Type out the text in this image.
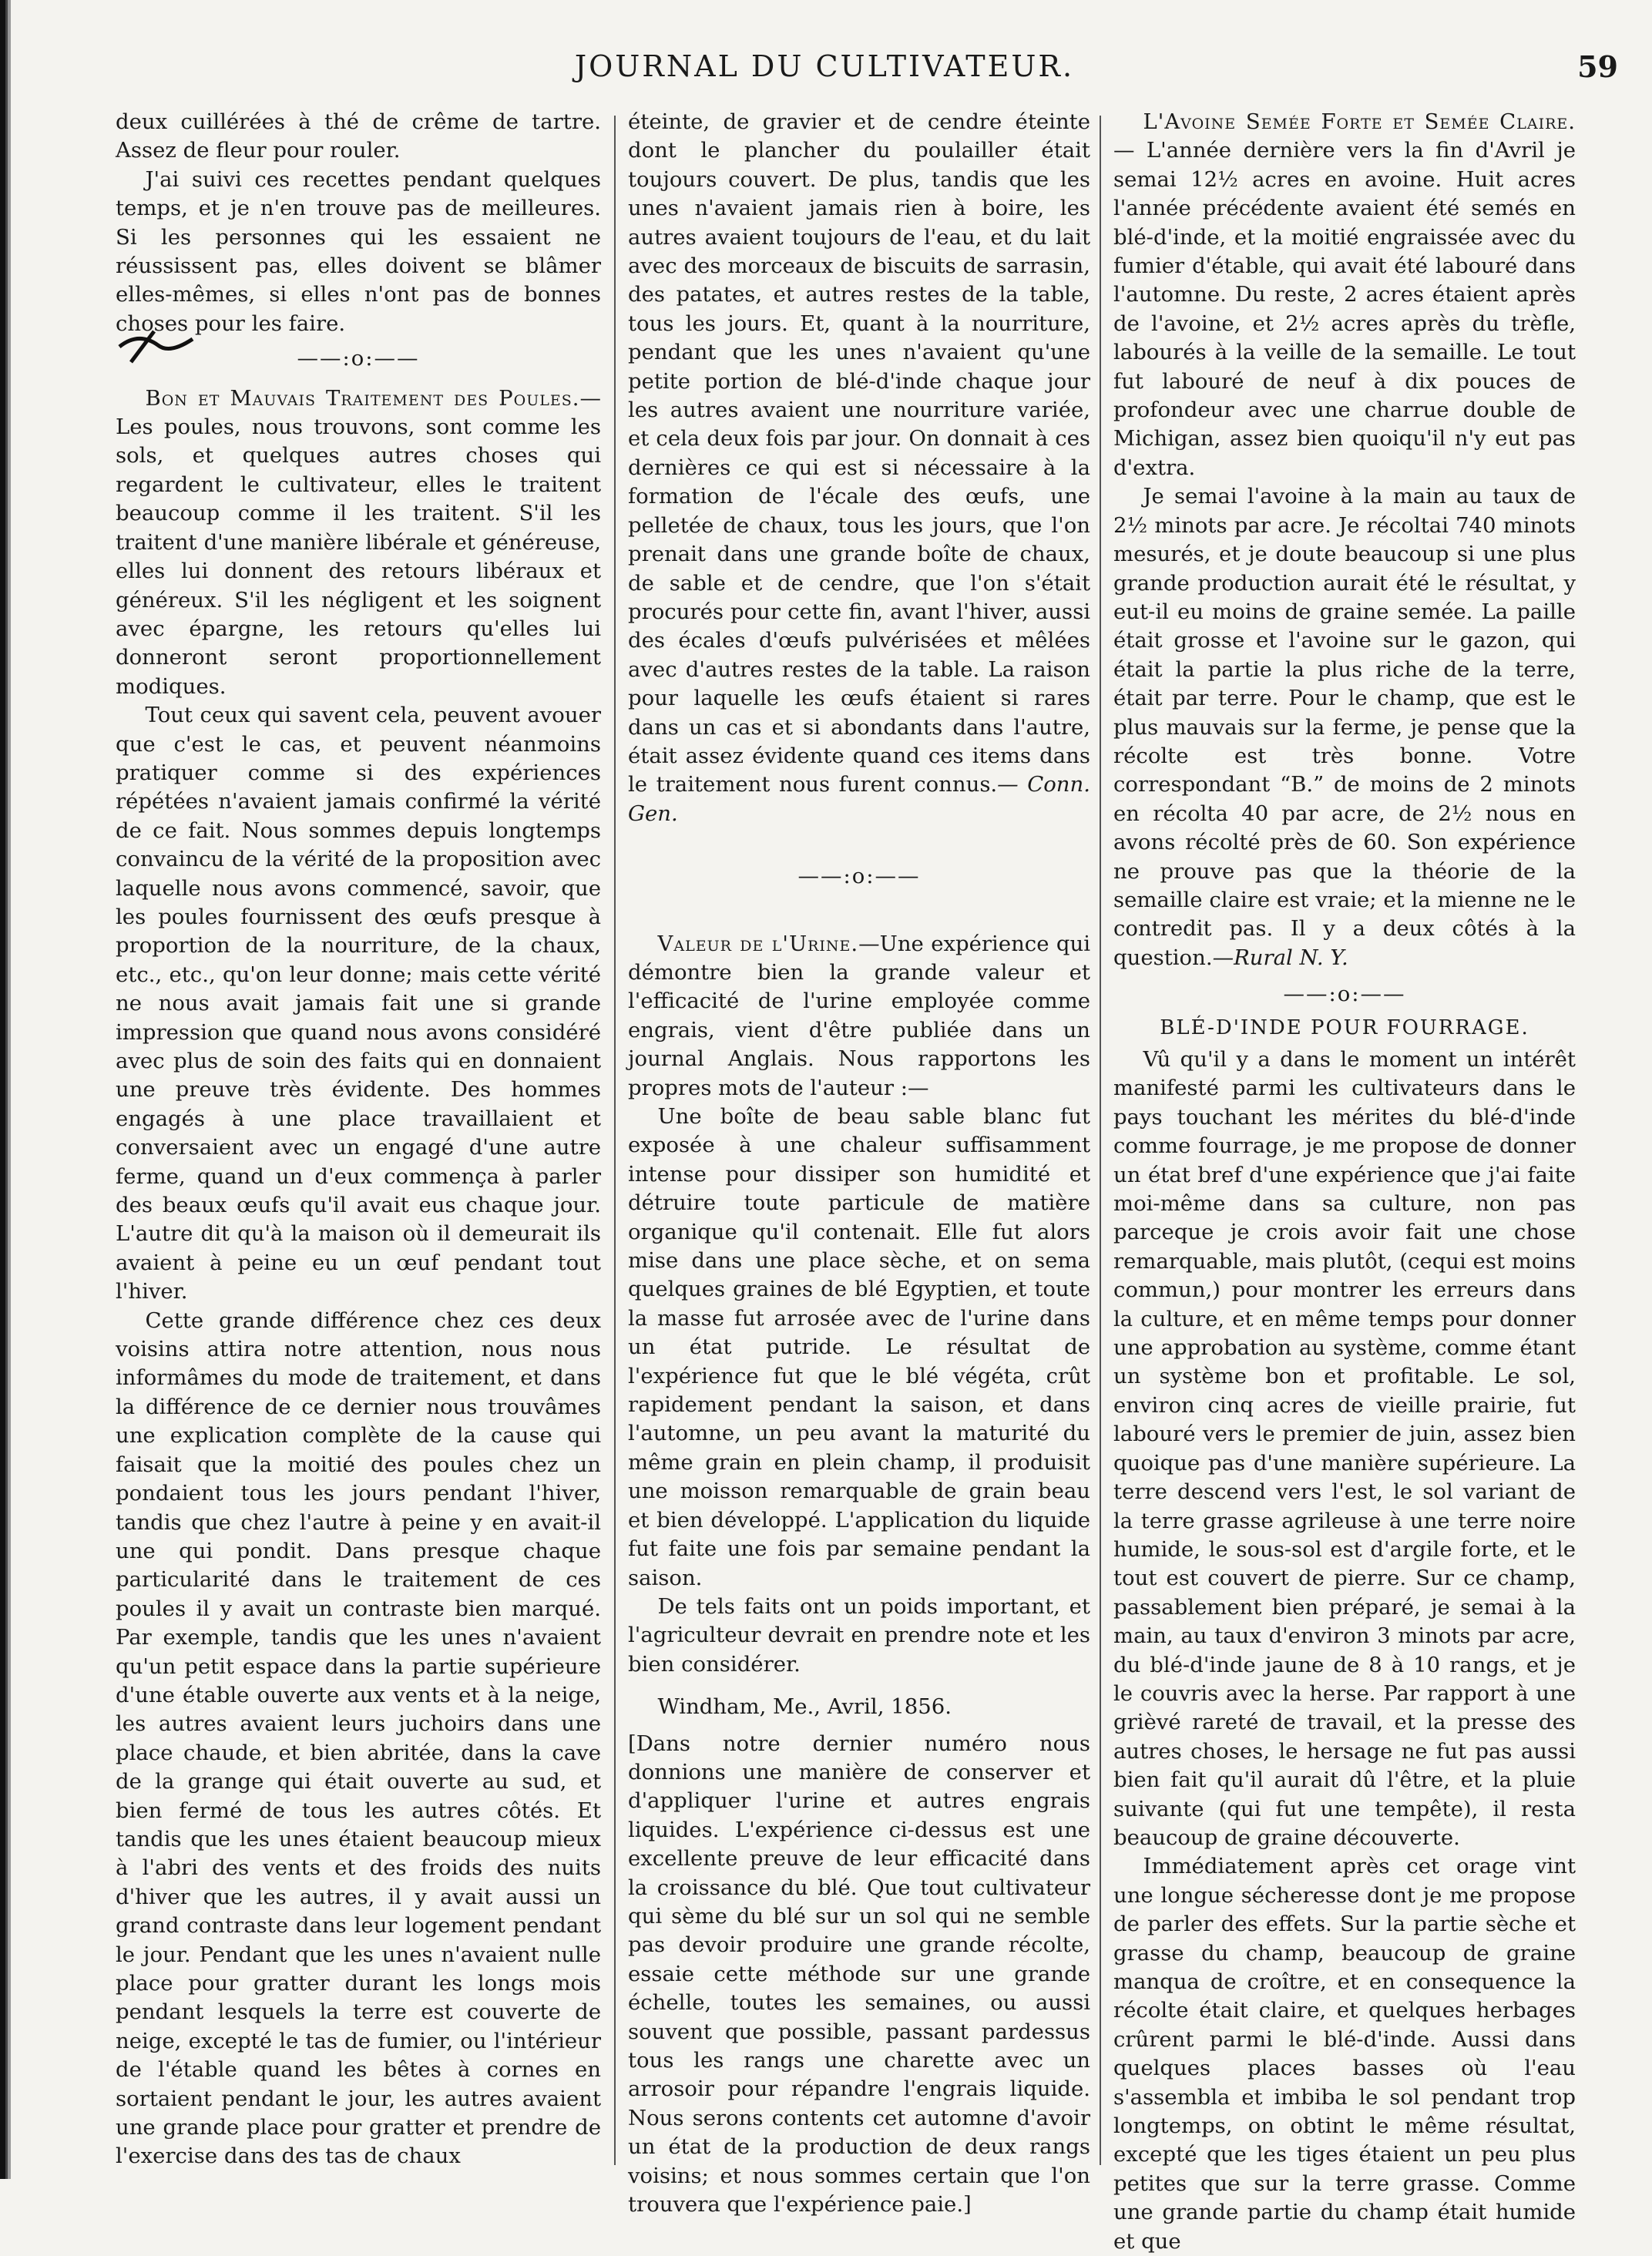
JOURNAL DU CULTIVATEUR.	59

deux cuillérées à thé de crême de tartre. Assez de fleur pour rouler.

J'ai suivi ces recettes pendant quelques temps, et je n'en trouve pas de meilleures. Si les personnes qui les essaient ne réussissent pas, elles doivent se blâmer elles-mêmes, si elles n'ont pas de bonnes choses pour les faire.

——:o:——

Bon et Mauvais Traitement des Poules.—Les poules, nous trouvons, sont comme les sols, et quelques autres choses qui regardent le cultivateur, elles le traitent beaucoup comme il les traitent. S'il les traitent d'une manière libérale et généreuse, elles lui donnent des retours libéraux et généreux. S'il les négligent et les soignent avec épargne, les retours qu'elles lui donneront seront proportionnellement modiques.

Tout ceux qui savent cela, peuvent avouer que c'est le cas, et peuvent néanmoins pratiquer comme si des expériences répétées n'avaient jamais confirmé la vérité de ce fait. Nous sommes depuis longtemps convaincu de la vérité de la proposition avec laquelle nous avons commencé, savoir, que les poules fournissent des œufs presque à proportion de la nourriture, de la chaux, etc., etc., qu'on leur donne; mais cette vérité ne nous avait jamais fait une si grande impression que quand nous avons considéré avec plus de soin des faits qui en donnaient une preuve très évidente. Des hommes engagés à une place travaillaient et conversaient avec un engagé d'une autre ferme, quand un d'eux commença à parler des beaux œufs qu'il avait eus chaque jour. L'autre dit qu'à la maison où il demeurait ils avaient à peine eu un œuf pendant tout l'hiver.

Cette grande différence chez ces deux voisins attira notre attention, nous nous informâmes du mode de traitement, et dans la différence de ce dernier nous trouvâmes une explication complète de la cause qui faisait que la moitié des poules chez un pondaient tous les jours pendant l'hiver, tandis que chez l'autre à peine y en avait-il une qui pondit. Dans presque chaque particularité dans le traitement de ces poules il y avait un contraste bien marqué. Par exemple, tandis que les unes n'avaient qu'un petit espace dans la partie supérieure d'une étable ouverte aux vents et à la neige, les autres avaient leurs juchoirs dans une place chaude, et bien abritée, dans la cave de la grange qui était ouverte au sud, et bien fermé de tous les autres côtés. Et tandis que les unes étaient beaucoup mieux à l'abri des vents et des froids des nuits d'hiver que les autres, il y avait aussi un grand contraste dans leur logement pendant le jour. Pendant que les unes n'avaient nulle place pour gratter durant les longs mois pendant lesquels la terre est couverte de neige, excepté le tas de fumier, ou l'intérieur de l'étable quand les bêtes à cornes en sortaient pendant le jour, les autres avaient une grande place pour gratter et prendre de l'exercise dans des tas de chaux

éteinte, de gravier et de cendre éteinte dont le plancher du poulailler était toujours couvert. De plus, tandis que les unes n'avaient jamais rien à boire, les autres avaient toujours de l'eau, et du lait avec des morceaux de biscuits de sarrasin, des patates, et autres restes de la table, tous les jours. Et, quant à la nourriture, pendant que les unes n'avaient qu'une petite portion de blé-d'inde chaque jour les autres avaient une nourriture variée, et cela deux fois par jour. On donnait à ces dernières ce qui est si nécessaire à la formation de l'écale des œufs, une pelletée de chaux, tous les jours, que l'on prenait dans une grande boîte de chaux, de sable et de cendre, que l'on s'était procurés pour cette fin, avant l'hiver, aussi des écales d'œufs pulvérisées et mêlées avec d'autres restes de la table. La raison pour laquelle les œufs étaient si rares dans un cas et si abondants dans l'autre, était assez évidente quand ces items dans le traitement nous furent connus.— Conn. Gen.

——:o:——

Valeur de l'Urine.—Une expérience qui démontre bien la grande valeur et l'efficacité de l'urine employée comme engrais, vient d'être publiée dans un journal Anglais. Nous rapportons les propres mots de l'auteur :—

Une boîte de beau sable blanc fut exposée à une chaleur suffisamment intense pour dissiper son humidité et détruire toute particule de matière organique qu'il contenait. Elle fut alors mise dans une place sèche, et on sema quelques graines de blé Egyptien, et toute la masse fut arrosée avec de l'urine dans un état putride. Le résultat de l'expérience fut que le blé végéta, crût rapidement pendant la saison, et dans l'automne, un peu avant la maturité du même grain en plein champ, il produisit une moisson remarquable de grain beau et bien développé. L'application du liquide fut faite une fois par semaine pendant la saison.

De tels faits ont un poids important, et l'agriculteur devrait en prendre note et les bien considérer.

Windham, Me., Avril, 1856.

[Dans notre dernier numéro nous donnions une manière de conserver et d'appliquer l'urine et autres engrais liquides. L'expérience ci-dessus est une excellente preuve de leur efficacité dans la croissance du blé. Que tout cultivateur qui sème du blé sur un sol qui ne semble pas devoir produire une grande récolte, essaie cette méthode sur une grande échelle, toutes les semaines, ou aussi souvent que possible, passant pardessus tous les rangs une charette avec un arrosoir pour répandre l'engrais liquide. Nous serons contents cet automne d'avoir un état de la production de deux rangs voisins; et nous sommes certain que l'on trouvera que l'expérience paie.]

L'Avoine Semée Forte et Semée Claire.— L'année dernière vers la fin d'Avril je semai 12½ acres en avoine. Huit acres l'année précédente avaient été semés en blé-d'inde, et la moitié engraissée avec du fumier d'étable, qui avait été labouré dans l'automne. Du reste, 2 acres étaient après de l'avoine, et 2½ acres après du trèfle, labourés à la veille de la semaille. Le tout fut labouré de neuf à dix pouces de profondeur avec une charrue double de Michigan, assez bien quoiqu'il n'y eut pas d'extra.

Je semai l'avoine à la main au taux de 2½ minots par acre. Je récoltai 740 minots mesurés, et je doute beaucoup si une plus grande production aurait été le résultat, y eut-il eu moins de graine semée. La paille était grosse et l'avoine sur le gazon, qui était la partie la plus riche de la terre, était par terre. Pour le champ, que est le plus mauvais sur la ferme, je pense que la récolte est très bonne. Votre correspondant “B.” de moins de 2 minots en récolta 40 par acre, de 2½ nous en avons récolté près de 60. Son expérience ne prouve pas que la théorie de la semaille claire est vraie; et la mienne ne le contredit pas. Il y a deux côtés à la question.—Rural N. Y.

——:o:——

BLÉ-D'INDE POUR FOURRAGE.

Vû qu'il y a dans le moment un intérêt manifesté parmi les cultivateurs dans le pays touchant les mérites du blé-d'inde comme fourrage, je me propose de donner un état bref d'une expérience que j'ai faite moi-même dans sa culture, non pas parceque je crois avoir fait une chose remarquable, mais plutôt, (cequi est moins commun,) pour montrer les erreurs dans la culture, et en même temps pour donner une approbation au système, comme étant un système bon et profitable. Le sol, environ cinq acres de vieille prairie, fut labouré vers le premier de juin, assez bien quoique pas d'une manière supérieure. La terre descend vers l'est, le sol variant de la terre grasse agrileuse à une terre noire humide, le sous-sol est d'argile forte, et le tout est couvert de pierre. Sur ce champ, passablement bien préparé, je semai à la main, au taux d'environ 3 minots par acre, du blé-d'inde jaune de 8 à 10 rangs, et je le couvris avec la herse. Par rapport à une grièvé rareté de travail, et la presse des autres choses, le hersage ne fut pas aussi bien fait qu'il aurait dû l'être, et la pluie suivante (qui fut une tempête), il resta beaucoup de graine découverte.

Immédiatement après cet orage vint une longue sécheresse dont je me propose de parler des effets. Sur la partie sèche et grasse du champ, beaucoup de graine manqua de croître, et en consequence la récolte était claire, et quelques herbages crûrent parmi le blé-d'inde. Aussi dans quelques places basses où l'eau s'assembla et imbiba le sol pendant trop longtemps, on obtint le même résultat, excepté que les tiges étaient un peu plus petites que sur la terre grasse. Comme une grande partie du champ était humide et que
